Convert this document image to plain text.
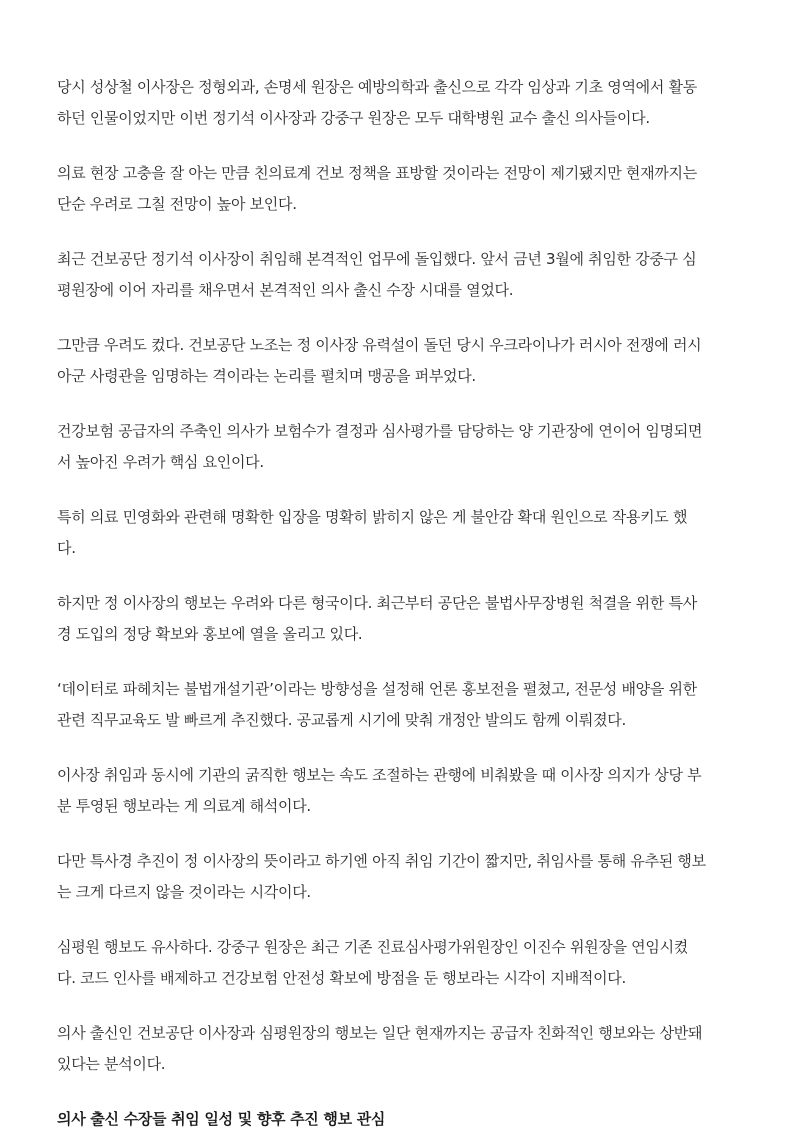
당시 성상철 이사장은 정형외과, 손명세 원장은 예방의학과 출신으로 각각 임상과 기초 영역에서 활동
하던 인물이었지만 이번 정기석 이사장과 강중구 원장은 모두 대학병원 교수 출신 의사들이다.

의료 현장 고충을 잘 아는 만큼 친의료계 건보 정책을 표방할 것이라는 전망이 제기됐지만 현재까지는
단순 우려로 그칠 전망이 높아 보인다.

최근 건보공단 정기석 이사장이 취임해 본격적인 업무에 돌입했다. 앞서 금년 3월에 취임한 강중구 심
평원장에 이어 자리를 채우면서 본격적인 의사 출신 수장 시대를 열었다.

그만큼 우려도 컸다. 건보공단 노조는 정 이사장 유력설이 돌던 당시 우크라이나가 러시아 전쟁에 러시
아군 사령관을 임명하는 격이라는 논리를 펼치며 맹공을 퍼부었다.

건강보험 공급자의 주축인 의사가 보험수가 결정과 심사평가를 담당하는 양 기관장에 연이어 임명되면
서 높아진 우려가 핵심 요인이다.

특히 의료 민영화와 관련해 명확한 입장을 명확히 밝히지 않은 게 불안감 확대 원인으로 작용키도 했
다.

하지만 정 이사장의 행보는 우려와 다른 형국이다. 최근부터 공단은 불법사무장병원 척결을 위한 특사
경 도입의 정당 확보와 홍보에 열을 올리고 있다.

‘데이터로 파헤치는 불법개설기관’이라는 방향성을 설정해 언론 홍보전을 펼쳤고, 전문성 배양을 위한
관련 직무교육도 발 빠르게 추진했다. 공교롭게 시기에 맞춰 개정안 발의도 함께 이뤄졌다.

이사장 취임과 동시에 기관의 굵직한 행보는 속도 조절하는 관행에 비춰봤을 때 이사장 의지가 상당 부
분 투영된 행보라는 게 의료계 해석이다.

다만 특사경 추진이 정 이사장의 뜻이라고 하기엔 아직 취임 기간이 짧지만, 취임사를 통해 유추된 행보
는 크게 다르지 않을 것이라는 시각이다.

심평원 행보도 유사하다. 강중구 원장은 최근 기존 진료심사평가위원장인 이진수 위원장을 연임시켰
다. 코드 인사를 배제하고 건강보험 안전성 확보에 방점을 둔 행보라는 시각이 지배적이다.

의사 출신인 건보공단 이사장과 심평원장의 행보는 일단 현재까지는 공급자 친화적인 행보와는 상반돼
있다는 분석이다.

의사 출신 수장들 취임 일성 및 향후 추진 행보 관심
